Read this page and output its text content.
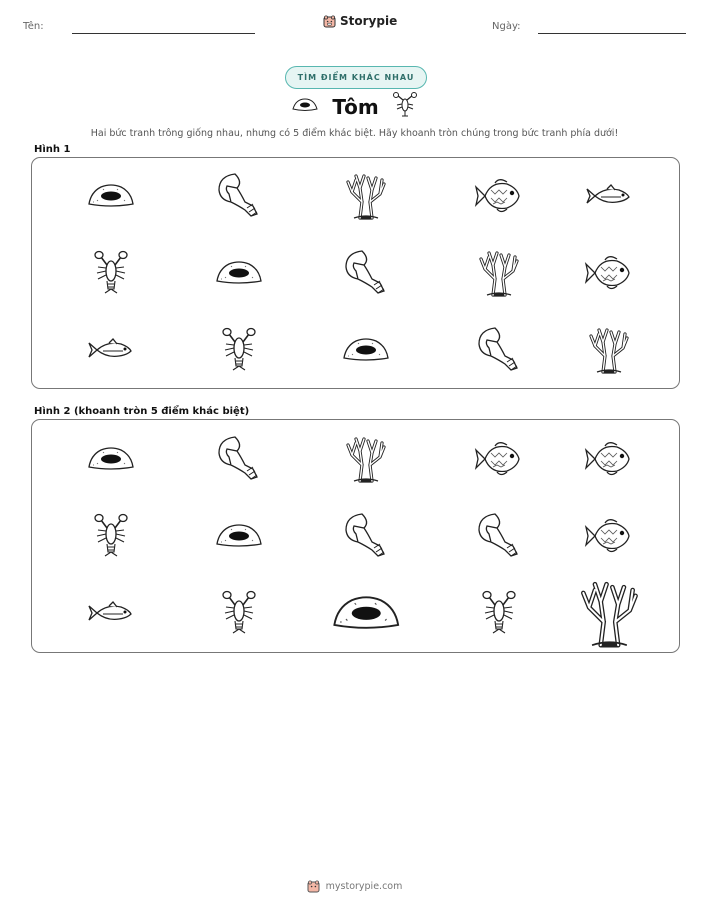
Tên:	Storypie	Ngày:
TÌM ĐIỂM KHÁC NHAU
Tôm
Hai bức tranh trông giống nhau, nhưng có 5 điểm khác biệt. Hãy khoanh tròn chúng trong bức tranh phía dưới!
Hình 1
Hình 2 (khoanh tròn 5 điểm khác biệt)
mystorypie.com
